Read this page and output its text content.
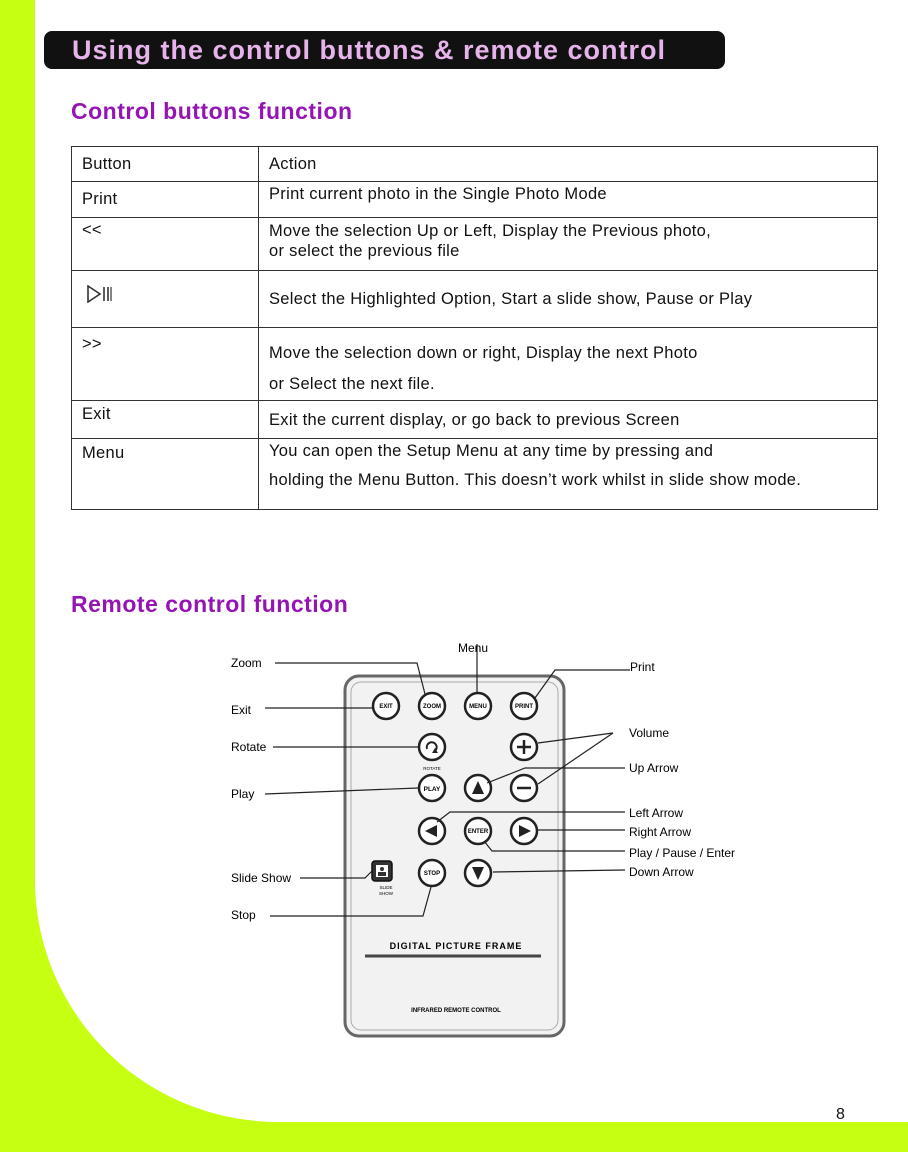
Using the control buttons & remote control
Control buttons function
Button	Action
Print	Print current photo in the Single Photo Mode
<<	Move the selection Up or Left, Display the Previous photo,
or select the previous file

	Select the Highlighted Option, Start a slide show, Pause or Play
>>	Move the selection down or right, Display the next Photo
or Select the next file.

Exit	Exit the current display, or go back to previous Screen
Menu	You can open the Setup Menu at any time by pressing and
holding the Menu Button. This doesn’t work whilst in slide show mode.
Remote control function
EXIT	ZOOM	MENU	PRINT
ROTATE
PLAY
ENTER
SLIDE
SHOW
STOP
DIGITAL PICTURE FRAME
INFRARED REMOTE CONTROL
Zoom
Exit
Rotate
Play
Slide Show
Stop
Menu
Print
Volume
Up Arrow
Left Arrow
Right Arrow
Play / Pause / Enter
Down Arrow
8
